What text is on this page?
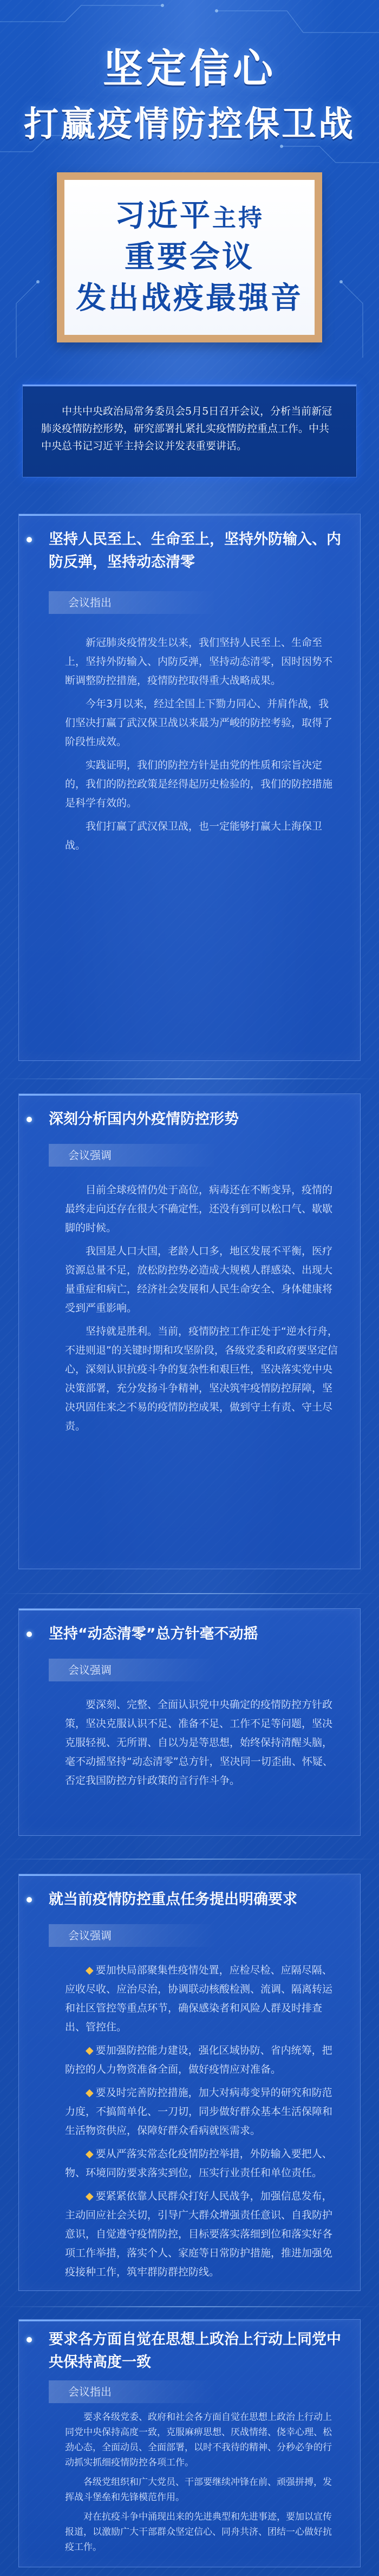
坚定信心
打赢疫情防控保卫战
习近平主持
重要会议
发出战疫最强音

中共中央政治局常务委员会5月5日召开会议，分析当前新冠肺炎疫情防控形势，研究部署扎紧扎实疫情防控重点工作。中共中央总书记习近平主持会议并发表重要讲话。

坚持人民至上、生命至上，坚持外防输入、内防反弹，坚持动态清零
会议指出

新冠肺炎疫情发生以来，我们坚持人民至上、生命至上，坚持外防输入、内防反弹，坚持动态清零，因时因势不断调整防控措施，疫情防控取得重大战略成果。

今年3月以来，经过全国上下勠力同心、并肩作战，我们坚决打赢了武汉保卫战以来最为严峻的防控考验，取得了阶段性成效。

实践证明，我们的防控方针是由党的性质和宗旨决定的，我们的防控政策是经得起历史检验的，我们的防控措施是科学有效的。

我们打赢了武汉保卫战，也一定能够打赢大上海保卫战。

深刻分析国内外疫情防控形势
会议强调

目前全球疫情仍处于高位，病毒还在不断变异，疫情的最终走向还存在很大不确定性，还没有到可以松口气、歇歇脚的时候。

我国是人口大国，老龄人口多，地区发展不平衡，医疗资源总量不足，放松防控势必造成大规模人群感染、出现大量重症和病亡，经济社会发展和人民生命安全、身体健康将受到严重影响。

坚持就是胜利。当前，疫情防控工作正处于“逆水行舟，不进则退”的关键时期和攻坚阶段，各级党委和政府要坚定信心，深刻认识抗疫斗争的复杂性和艰巨性，坚决落实党中央决策部署，充分发扬斗争精神，坚决筑牢疫情防控屏障，坚决巩固住来之不易的疫情防控成果，做到守土有责、守土尽责。

坚持“动态清零”总方针毫不动摇
会议强调

要深刻、完整、全面认识党中央确定的疫情防控方针政策，坚决克服认识不足、准备不足、工作不足等问题，坚决克服轻视、无所谓、自以为是等思想，始终保持清醒头脑，毫不动摇坚持“动态清零”总方针，坚决同一切歪曲、怀疑、否定我国防控方针政策的言行作斗争。

就当前疫情防控重点任务提出明确要求
会议强调

◆ 要加快局部聚集性疫情处置，应检尽检、应隔尽隔、应收尽收、应治尽治，协调联动核酸检测、流调、隔离转运和社区管控等重点环节，确保感染者和风险人群及时排查出、管控住。

◆ 要加强防控能力建设，强化区域协防、省内统筹，把防控的人力物资准备全面，做好疫情应对准备。

◆ 要及时完善防控措施，加大对病毒变异的研究和防范力度，不搞简单化、一刀切，同步做好群众基本生活保障和生活物资供应，保障好群众看病就医需求。

◆ 要从严落实常态化疫情防控举措，外防输入要把人、物、环境同防要求落实到位，压实行业责任和单位责任。

◆ 要紧紧依靠人民群众打好人民战争，加强信息发布，主动回应社会关切，引导广大群众增强责任意识、自我防护意识，自觉遵守疫情防控，目标要落实落细到位和落实好各项工作举措，落实个人、家庭等日常防护措施，推进加强免疫接种工作，筑牢群防群控防线。

要求各方面自觉在思想上政治上行动上同党中央保持高度一致
会议指出

要求各级党委、政府和社会各方面自觉在思想上政治上行动上同党中央保持高度一致，克服麻痹思想、厌战情绪、侥幸心理、松劲心态，全面动员、全面部署，以时不我待的精神、分秒必争的行动抓实抓细疫情防控各项工作。

各级党组织和广大党员、干部要继续冲锋在前、顽强拼搏，发挥战斗堡垒和先锋模范作用。

对在抗疫斗争中涌现出来的先进典型和先进事迹，要加以宣传报道，以激励广大干部群众坚定信心、同舟共济、团结一心做好抗疫工作。
